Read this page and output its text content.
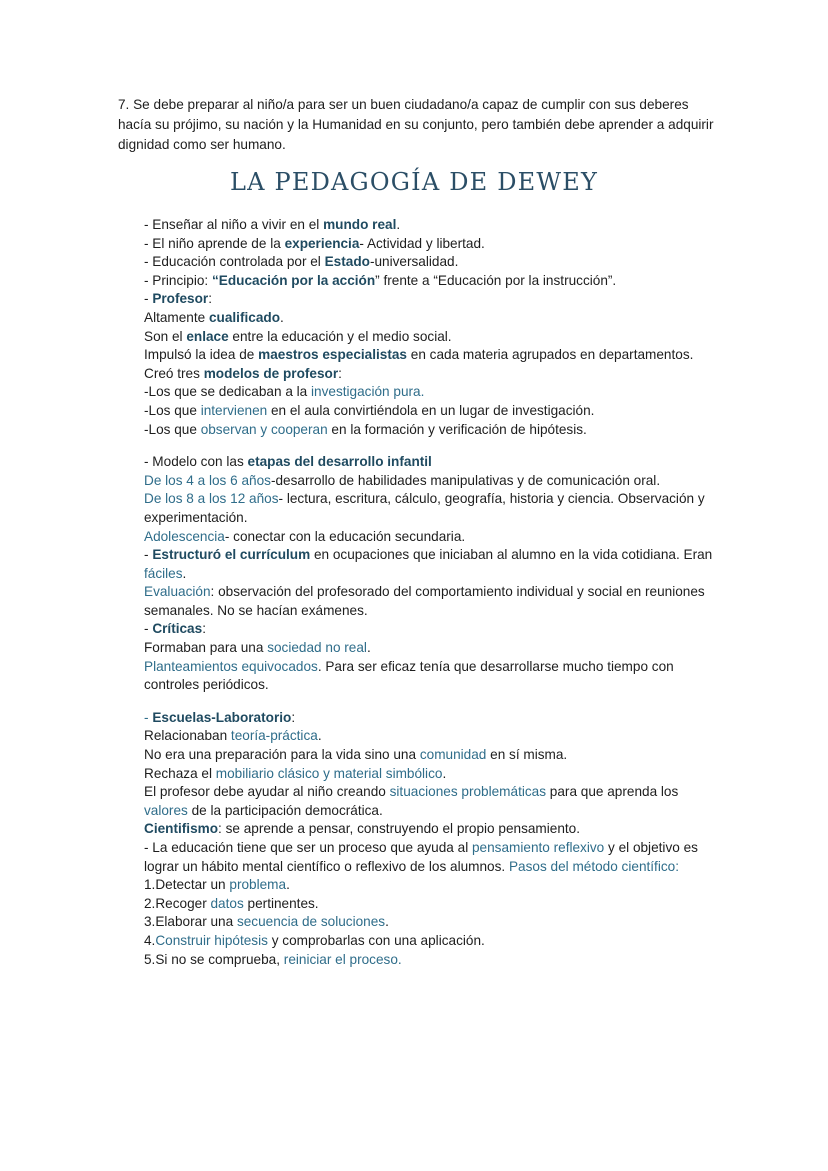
7. Se debe preparar al niño/a para ser un buen ciudadano/a capaz de cumplir con sus deberes hacía su prójimo, su nación y la Humanidad en su conjunto, pero también debe aprender a adquirir dignidad como ser humano.

LA PEDAGOGÍA DE DEWEY

- Enseñar al niño a vivir en el mundo real.

- El niño aprende de la experiencia- Actividad y libertad.

- Educación controlada por el Estado-universalidad.

- Principio: “Educación por la acción” frente a “Educación por la instrucción”.

- Profesor:

Altamente cualificado.

Son el enlace entre la educación y el medio social.

Impulsó la idea de maestros especialistas en cada materia agrupados en departamentos.

Creó tres modelos de profesor:

-Los que se dedicaban a la investigación pura.

-Los que intervienen en el aula convirtiéndola en un lugar de investigación.

-Los que observan y cooperan en la formación y verificación de hipótesis.

- Modelo con las etapas del desarrollo infantil

De los 4 a los 6 años-desarrollo de habilidades manipulativas y de comunicación oral.

De los 8 a los 12 años- lectura, escritura, cálculo, geografía, historia y ciencia. Observación y experimentación.

Adolescencia- conectar con la educación secundaria.

- Estructuró el currículum en ocupaciones que iniciaban al alumno en la vida cotidiana. Eran fáciles.

Evaluación: observación del profesorado del comportamiento individual y social en reuniones semanales. No se hacían exámenes.

- Críticas:

Formaban para una sociedad no real.

Planteamientos equivocados. Para ser eficaz tenía que desarrollarse mucho tiempo con controles periódicos.

- Escuelas-Laboratorio:

Relacionaban teoría-práctica.

No era una preparación para la vida sino una comunidad en sí misma.

Rechaza el mobiliario clásico y material simbólico.

El profesor debe ayudar al niño creando situaciones problemáticas para que aprenda los valores de la participación democrática.

Cientifismo: se aprende a pensar, construyendo el propio pensamiento.

- La educación tiene que ser un proceso que ayuda al pensamiento reflexivo y el objetivo es lograr un hábito mental científico o reflexivo de los alumnos. Pasos del método científico:

1.Detectar un problema.

2.Recoger datos pertinentes.

3.Elaborar una secuencia de soluciones.

4.Construir hipótesis y comprobarlas con una aplicación.

5.Si no se comprueba, reiniciar el proceso.
